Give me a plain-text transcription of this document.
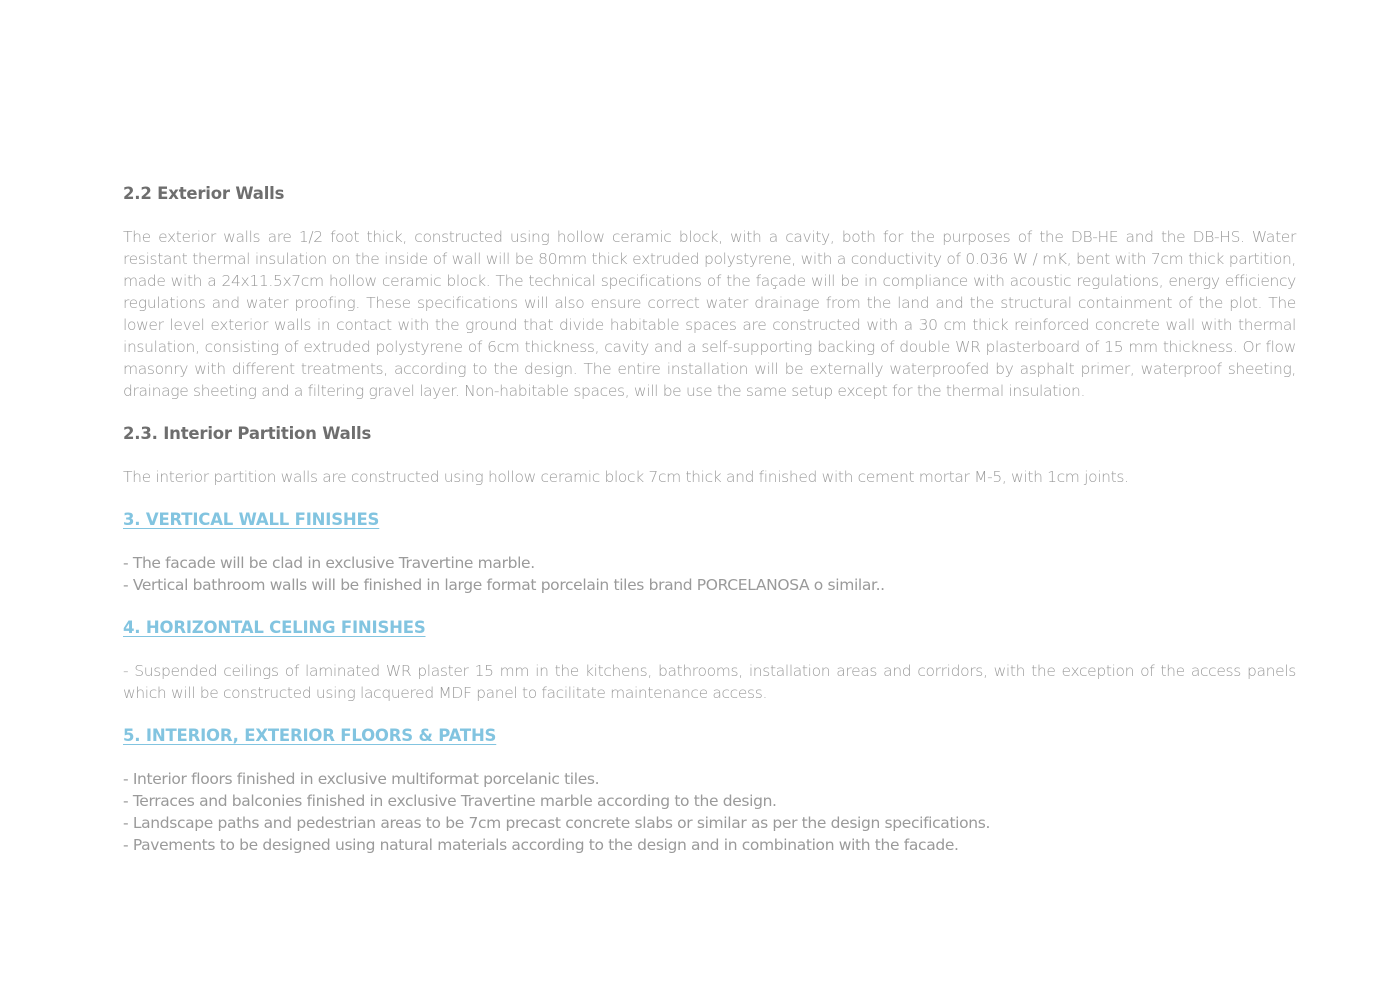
2.2 Exterior Walls

The exterior walls are 1/2 foot thick, constructed using hollow ceramic block, with a cavity, both for the purposes of the DB-HE and the DB-HS. Water resistant thermal insulation on the inside of wall will be 80mm thick extruded polystyrene, with a conductivity of 0.036 W / mK, bent with 7cm thick partition, made with a 24x11.5x7cm hollow ceramic block. The technical specifications of the façade will be in compliance with acoustic regulations, energy efficiency regulations and water proofing. These specifications will also ensure correct water drainage from the land and the structural containment of the plot. The lower level exterior walls in contact with the ground that divide habitable spaces are constructed with a 30 cm thick reinforced concrete wall with thermal insulation, consisting of extruded polystyrene of 6cm thickness, cavity and a self-supporting backing of double WR plasterboard of 15 mm thickness. Or flow masonry with different treatments, according to the design. The entire installation will be externally waterproofed by asphalt primer, waterproof sheeting, drainage sheeting and a filtering gravel layer. Non-habitable spaces, will be use the same setup except for the thermal insulation.

2.3. Interior Partition Walls

The interior partition walls are constructed using hollow ceramic block 7cm thick and finished with cement mortar M-5, with 1cm joints.

3. VERTICAL WALL FINISHES

- The facade will be clad in exclusive Travertine marble.

- Vertical bathroom walls will be finished in large format porcelain tiles brand PORCELANOSA o similar..

4. HORIZONTAL CELING FINISHES

- Suspended ceilings of laminated WR plaster 15 mm in the kitchens, bathrooms, installation areas and corridors, with the exception of the access panels which will be constructed using lacquered MDF panel to facilitate maintenance access.

5. INTERIOR, EXTERIOR FLOORS & PATHS

- Interior floors finished in exclusive multiformat porcelanic tiles.

- Terraces and balconies finished in exclusive Travertine marble according to the design.

- Landscape paths and pedestrian areas to be 7cm precast concrete slabs or similar as per the design specifications.

- Pavements to be designed using natural materials according to the design and in combination with the facade.
